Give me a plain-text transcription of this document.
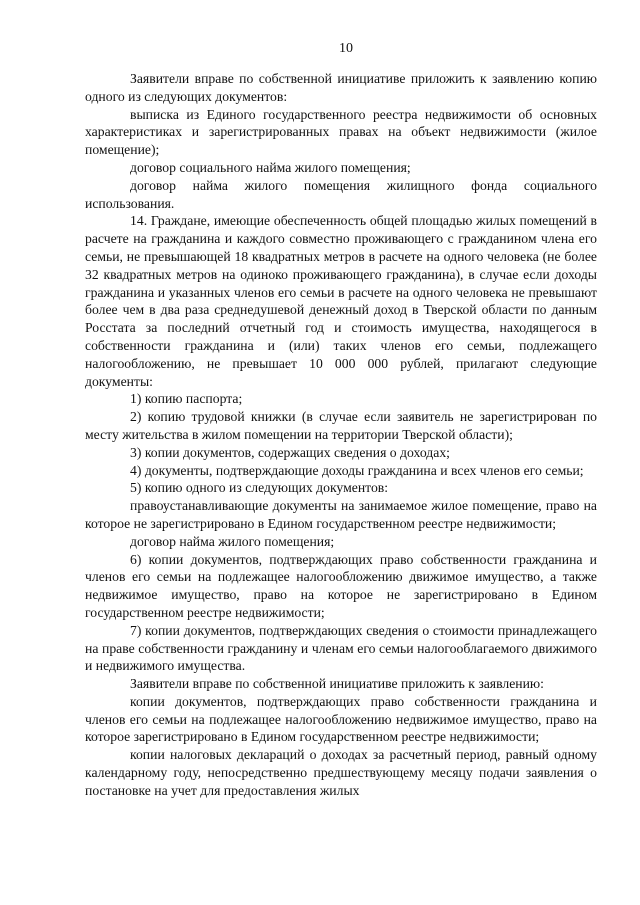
10

Заявители вправе по собственной инициативе приложить к заявлению копию одного из следующих документов:

выписка из Единого государственного реестра недвижимости об основных характеристиках и зарегистрированных правах на объект недвижимости (жилое помещение);

договор социального найма жилого помещения;

договор найма жилого помещения жилищного фонда социального использования.

14. Граждане, имеющие обеспеченность общей площадью жилых помещений в расчете на гражданина и каждого совместно проживающего с гражданином члена его семьи, не превышающей 18 квадратных метров в расчете на одного человека (не более 32 квадратных метров на одиноко проживающего гражданина), в случае если доходы гражданина и указанных членов его семьи в расчете на одного человека не превышают более чем в два раза среднедушевой денежный доход в Тверской области по данным Росстата за последний отчетный год и стоимость имущества, находящегося в собственности гражданина и (или) таких членов его семьи, подлежащего налогообложению, не превышает 10 000 000 рублей, прилагают следующие документы:

1) копию паспорта;

2) копию трудовой книжки (в случае если заявитель не зарегистрирован по месту жительства в жилом помещении на территории Тверской области);

3) копии документов, содержащих сведения о доходах;

4) документы, подтверждающие доходы гражданина и всех членов его семьи;

5) копию одного из следующих документов:

правоустанавливающие документы на занимаемое жилое помещение, право на которое не зарегистрировано в Едином государственном реестре недвижимости;

договор найма жилого помещения;

6) копии документов, подтверждающих право собственности гражданина и членов его семьи на подлежащее налогообложению движимое имущество, а также недвижимое имущество, право на которое не зарегистрировано в Едином государственном реестре недвижимости;

7) копии документов, подтверждающих сведения о стоимости принадлежащего на праве собственности гражданину и членам его семьи налогооблагаемого движимого и недвижимого имущества.

Заявители вправе по собственной инициативе приложить к заявлению:

копии документов, подтверждающих право собственности гражданина и членов его семьи на подлежащее налогообложению недвижимое имущество, право на которое зарегистрировано в Едином государственном реестре недвижимости;

копии налоговых деклараций о доходах за расчетный период, равный одному календарному году, непосредственно предшествующему месяцу подачи заявления о постановке на учет для предоставления жилых
